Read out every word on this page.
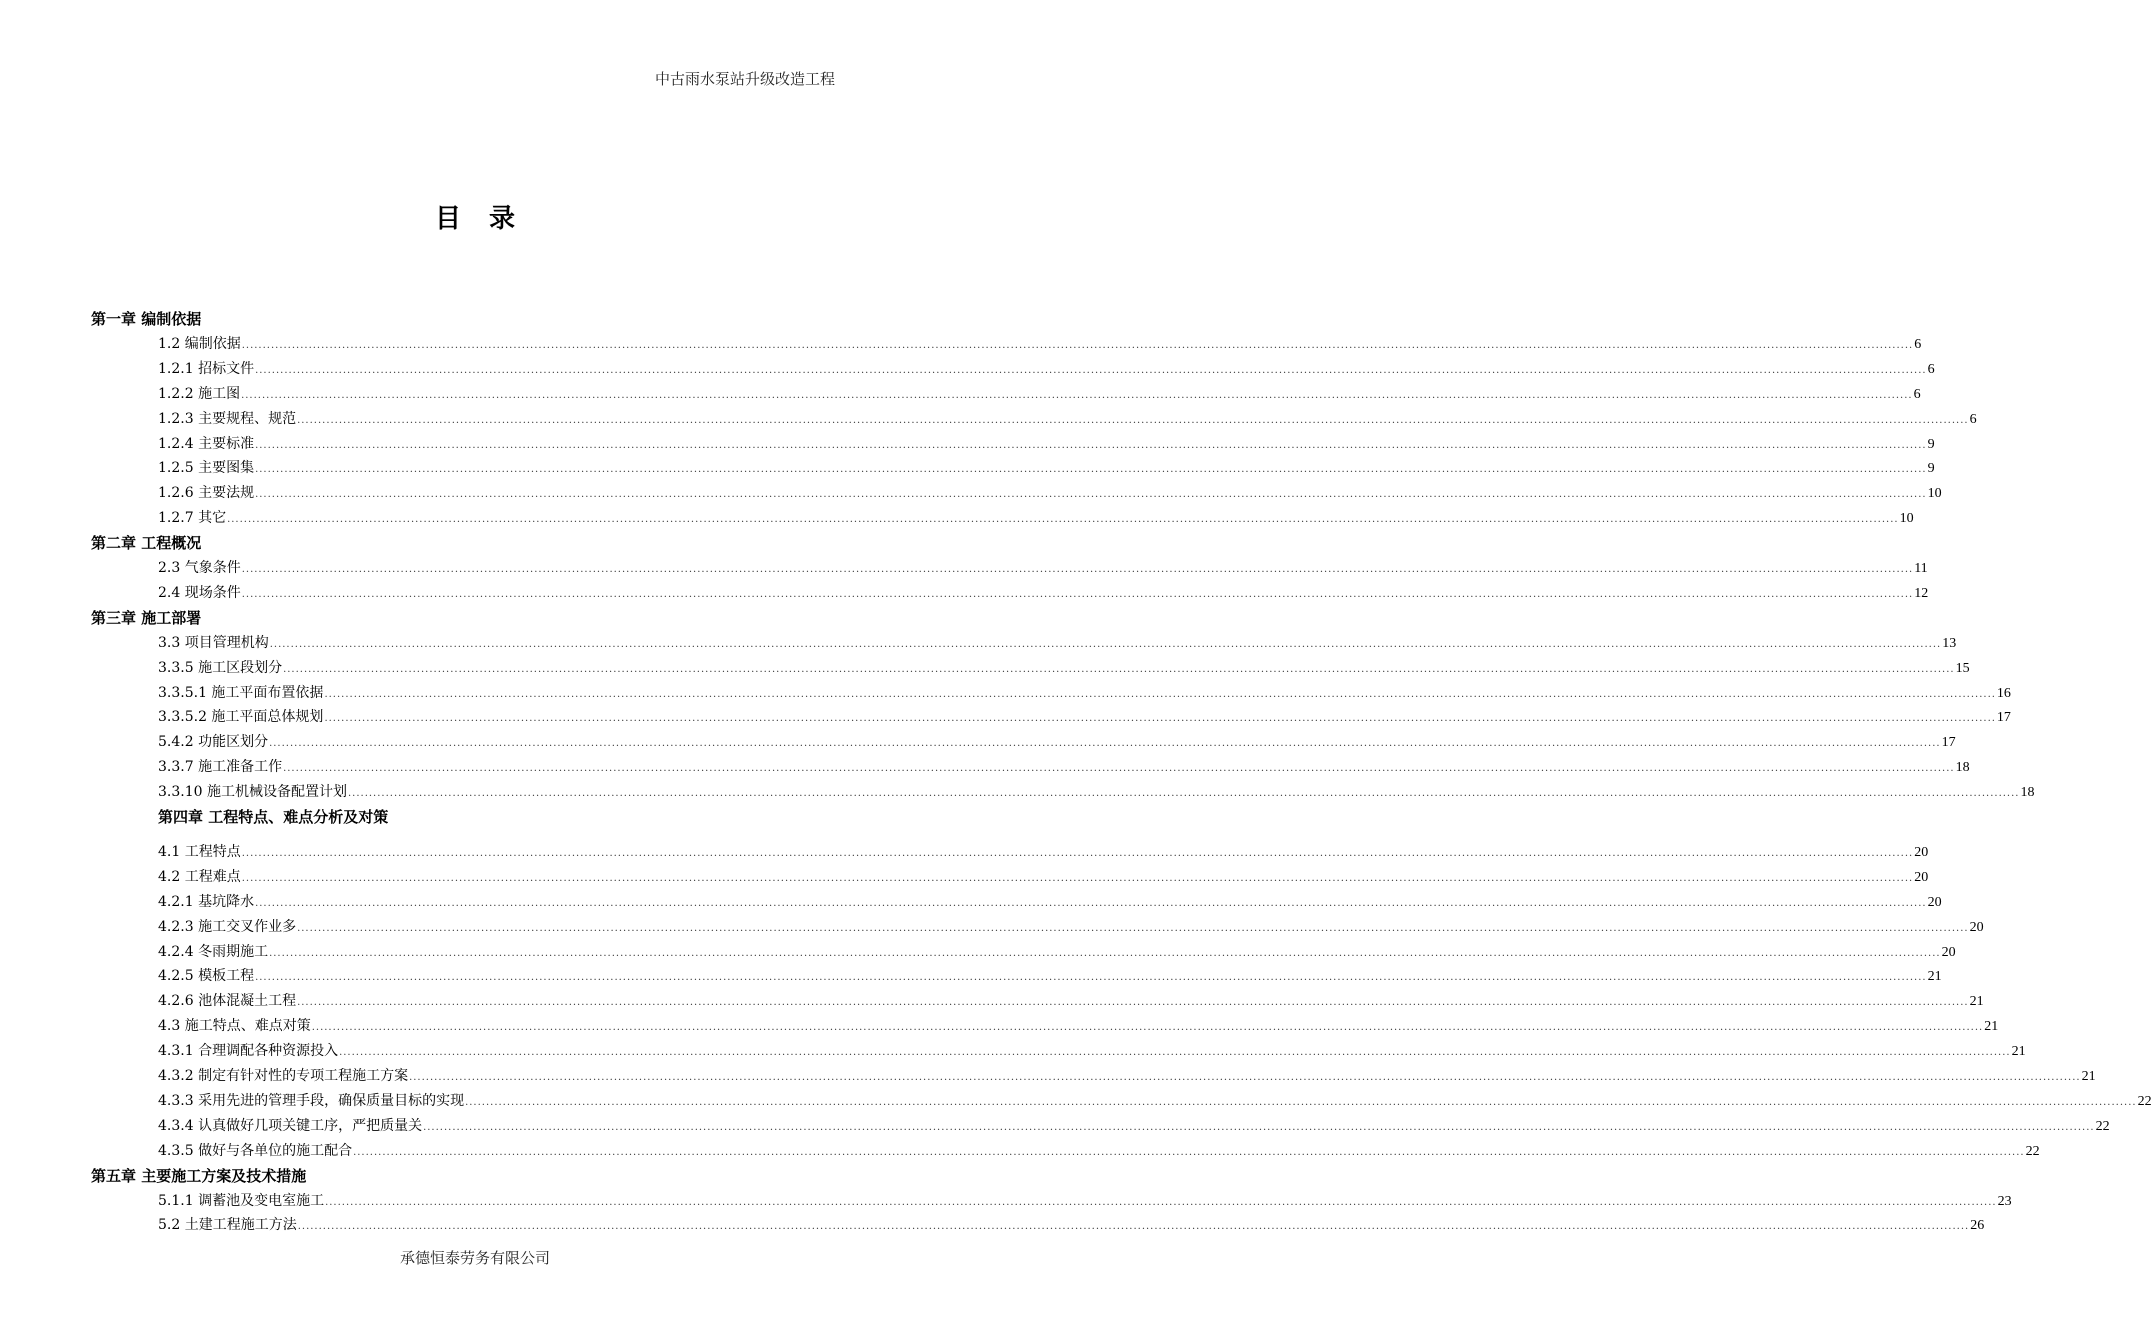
中古雨水泵站升级改造工程
目录
第一章 编制依据
1.2 编制依据 ................................................................................................................................................................................................................................................................................................................................................................................................................ 6
1.2.1 招标文件 ................................................................................................................................................................................................................................................................................................................................................................................................................ 6
1.2.2 施工图 ................................................................................................................................................................................................................................................................................................................................................................................................................ 6
1.2.3 主要规程、规范 ................................................................................................................................................................................................................................................................................................................................................................................................................ 6
1.2.4 主要标准 ................................................................................................................................................................................................................................................................................................................................................................................................................ 9
1.2.5 主要图集 ................................................................................................................................................................................................................................................................................................................................................................................................................ 9
1.2.6 主要法规 ................................................................................................................................................................................................................................................................................................................................................................................................................ 10
1.2.7 其它 ................................................................................................................................................................................................................................................................................................................................................................................................................ 10
第二章 工程概况
2.3 气象条件 ................................................................................................................................................................................................................................................................................................................................................................................................................ 11
2.4 现场条件 ................................................................................................................................................................................................................................................................................................................................................................................................................ 12
第三章 施工部署
3.3 项目管理机构 ................................................................................................................................................................................................................................................................................................................................................................................................................ 13
3.3.5 施工区段划分 ................................................................................................................................................................................................................................................................................................................................................................................................................ 15
3.3.5.1 施工平面布置依据 ................................................................................................................................................................................................................................................................................................................................................................................................................ 16
3.3.5.2 施工平面总体规划 ................................................................................................................................................................................................................................................................................................................................................................................................................ 17
5.4.2 功能区划分 ................................................................................................................................................................................................................................................................................................................................................................................................................ 17
3.3.7 施工准备工作 ................................................................................................................................................................................................................................................................................................................................................................................................................ 18
3.3.10 施工机械设备配置计划 ................................................................................................................................................................................................................................................................................................................................................................................................................ 18
第四章 工程特点、难点分析及对策
4.1 工程特点 ................................................................................................................................................................................................................................................................................................................................................................................................................ 20
4.2 工程难点 ................................................................................................................................................................................................................................................................................................................................................................................................................ 20
4.2.1 基坑降水 ................................................................................................................................................................................................................................................................................................................................................................................................................ 20
4.2.3 施工交叉作业多 ................................................................................................................................................................................................................................................................................................................................................................................................................ 20
4.2.4 冬雨期施工 ................................................................................................................................................................................................................................................................................................................................................................................................................ 20
4.2.5 模板工程 ................................................................................................................................................................................................................................................................................................................................................................................................................ 21
4.2.6 池体混凝土工程 ................................................................................................................................................................................................................................................................................................................................................................................................................ 21
4.3 施工特点、难点对策 ................................................................................................................................................................................................................................................................................................................................................................................................................ 21
4.3.1 合理调配各种资源投入 ................................................................................................................................................................................................................................................................................................................................................................................................................ 21
4.3.2 制定有针对性的专项工程施工方案 ................................................................................................................................................................................................................................................................................................................................................................................................................ 21
4.3.3 采用先进的管理手段，确保质量目标的实现 ................................................................................................................................................................................................................................................................................................................................................................................................................ 22
4.3.4 认真做好几项关键工序，严把质量关 ................................................................................................................................................................................................................................................................................................................................................................................................................ 22
4.3.5 做好与各单位的施工配合 ................................................................................................................................................................................................................................................................................................................................................................................................................ 22
第五章 主要施工方案及技术措施
5.1.1 调蓄池及变电室施工 ................................................................................................................................................................................................................................................................................................................................................................................................................ 23
5.2 土建工程施工方法 ................................................................................................................................................................................................................................................................................................................................................................................................................ 26
承德恒泰劳务有限公司
